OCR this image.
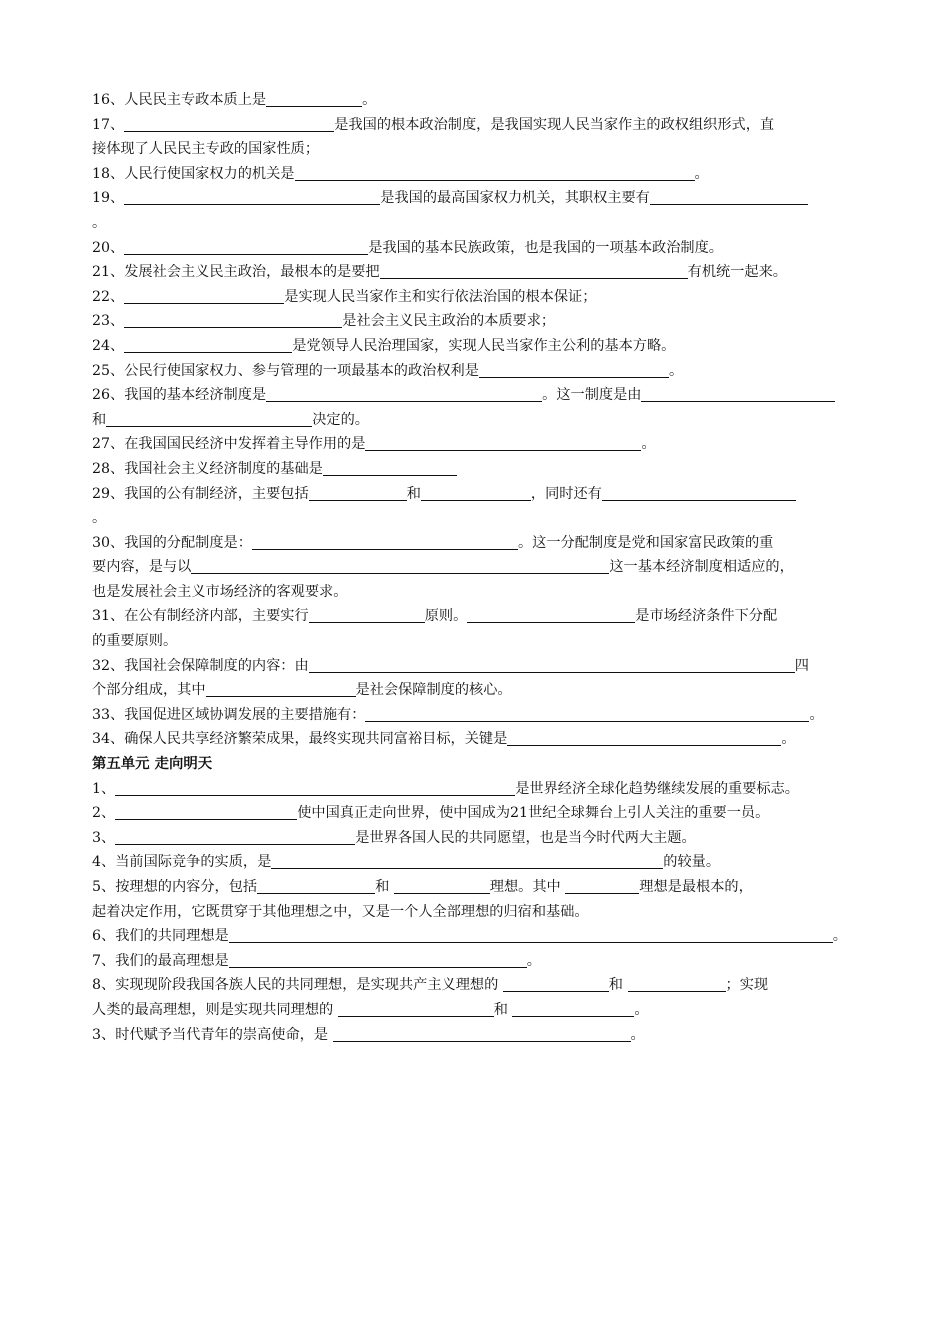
16、人民民主专政本质上是	。
17、	是我国的根本政治制度，是我国实现人民当家作主的政权组织形式，直
接体现了人民民主专政的国家性质；
18、人民行使国家权力的机关是	。
19、	是我国的最高国家权力机关，其职权主要有
。
20、	是我国的基本民族政策，也是我国的一项基本政治制度。
21、发展社会主义民主政治，最根本的是要把	有机统一起来。
22、	是实现人民当家作主和实行依法治国的根本保证；
23、	是社会主义民主政治的本质要求；
24、	是党领导人民治理国家，实现人民当家作主公利的基本方略。
25、公民行使国家权力、参与管理的一项最基本的政治权利是	。
26、我国的基本经济制度是	。这一制度是由
和	决定的。
27、在我国国民经济中发挥着主导作用的是	。
28、我国社会主义经济制度的基础是
29、我国的公有制经济，主要包括	和	，同时还有
。
30、我国的分配制度是：	。这一分配制度是党和国家富民政策的重
要内容，是与以	这一基本经济制度相适应的，
也是发展社会主义市场经济的客观要求。
31、在公有制经济内部，主要实行	原则。	是市场经济条件下分配
的重要原则。
32、我国社会保障制度的内容：由	四
个部分组成，其中	是社会保障制度的核心。
33、我国促进区域协调发展的主要措施有：	。
34、确保人民共享经济繁荣成果，最终实现共同富裕目标，关键是	。
第五单元 走向明天
1、	是世界经济全球化趋势继续发展的重要标志。
2、	使中国真正走向世界，使中国成为21世纪全球舞台上引人关注的重要一员。
3、	是世界各国人民的共同愿望，也是当今时代两大主题。
4、当前国际竞争的实质，是	的较量。
5、按理想的内容分，包括	和	理想。其中	理想是最根本的，
起着决定作用，它既贯穿于其他理想之中，又是一个人全部理想的归宿和基础。
6、我们的共同理想是	。
7、我们的最高理想是	。
8、实现现阶段我国各族人民的共同理想，是实现共产主义理想的	和	；实现
人类的最高理想，则是实现共同理想的	和	。
3、时代赋予当代青年的崇高使命，是	。
